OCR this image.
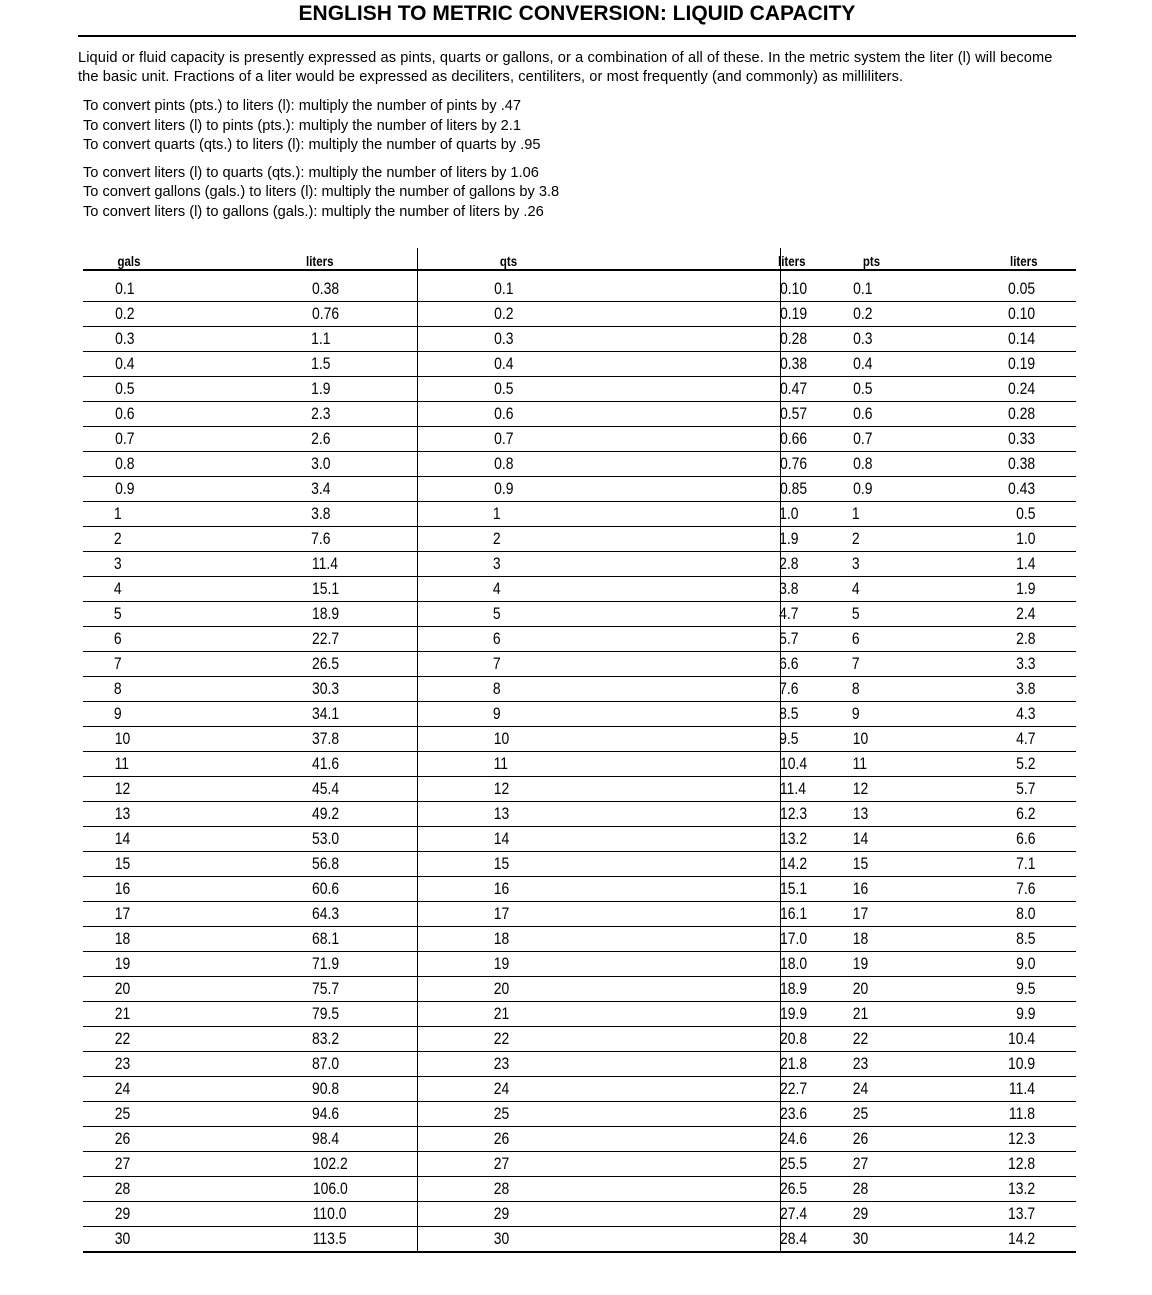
ENGLISH TO METRIC CONVERSION: LIQUID CAPACITY

Liquid or fluid capacity is presently expressed as pints, quarts or gallons, or a combination of all of these. In the metric system the liter (l) will become the basic unit. Fractions of a liter would be expressed as deciliters, centiliters, or most frequently (and commonly) as milliliters.

To convert pints (pts.) to liters (l): multiply the number of pints by .47
To convert liters (l) to pints (pts.): multiply the number of liters by 2.1
To convert quarts (qts.) to liters (l): multiply the number of quarts by .95
To convert liters (l) to quarts (qts.): multiply the number of liters by 1.06
To convert gallons (gals.) to liters (l): multiply the number of gallons by 3.8
To convert liters (l) to gallons (gals.): multiply the number of liters by .26
gals	liters	qts	liters	pts	liters
0.1	0.38	0.1	0.10	0.1	0.05
0.2	0.76	0.2	0.19	0.2	0.10
0.3	1.1	0.3	0.28	0.3	0.14
0.4	1.5	0.4	0.38	0.4	0.19
0.5	1.9	0.5	0.47	0.5	0.24
0.6	2.3	0.6	0.57	0.6	0.28
0.7	2.6	0.7	0.66	0.7	0.33
0.8	3.0	0.8	0.76	0.8	0.38
0.9	3.4	0.9	0.85	0.9	0.43
1	3.8	1	1.0	1	0.5
2	7.6	2	1.9	2	1.0
3	11.4	3	2.8	3	1.4
4	15.1	4	3.8	4	1.9
5	18.9	5	4.7	5	2.4
6	22.7	6	5.7	6	2.8
7	26.5	7	6.6	7	3.3
8	30.3	8	7.6	8	3.8
9	34.1	9	8.5	9	4.3
10	37.8	10	9.5	10	4.7
11	41.6	11	10.4	11	5.2
12	45.4	12	11.4	12	5.7
13	49.2	13	12.3	13	6.2
14	53.0	14	13.2	14	6.6
15	56.8	15	14.2	15	7.1
16	60.6	16	15.1	16	7.6
17	64.3	17	16.1	17	8.0
18	68.1	18	17.0	18	8.5
19	71.9	19	18.0	19	9.0
20	75.7	20	18.9	20	9.5
21	79.5	21	19.9	21	9.9
22	83.2	22	20.8	22	10.4
23	87.0	23	21.8	23	10.9
24	90.8	24	22.7	24	11.4
25	94.6	25	23.6	25	11.8
26	98.4	26	24.6	26	12.3
27	102.2	27	25.5	27	12.8
28	106.0	28	26.5	28	13.2
29	110.0	29	27.4	29	13.7
30	113.5	30	28.4	30	14.2
